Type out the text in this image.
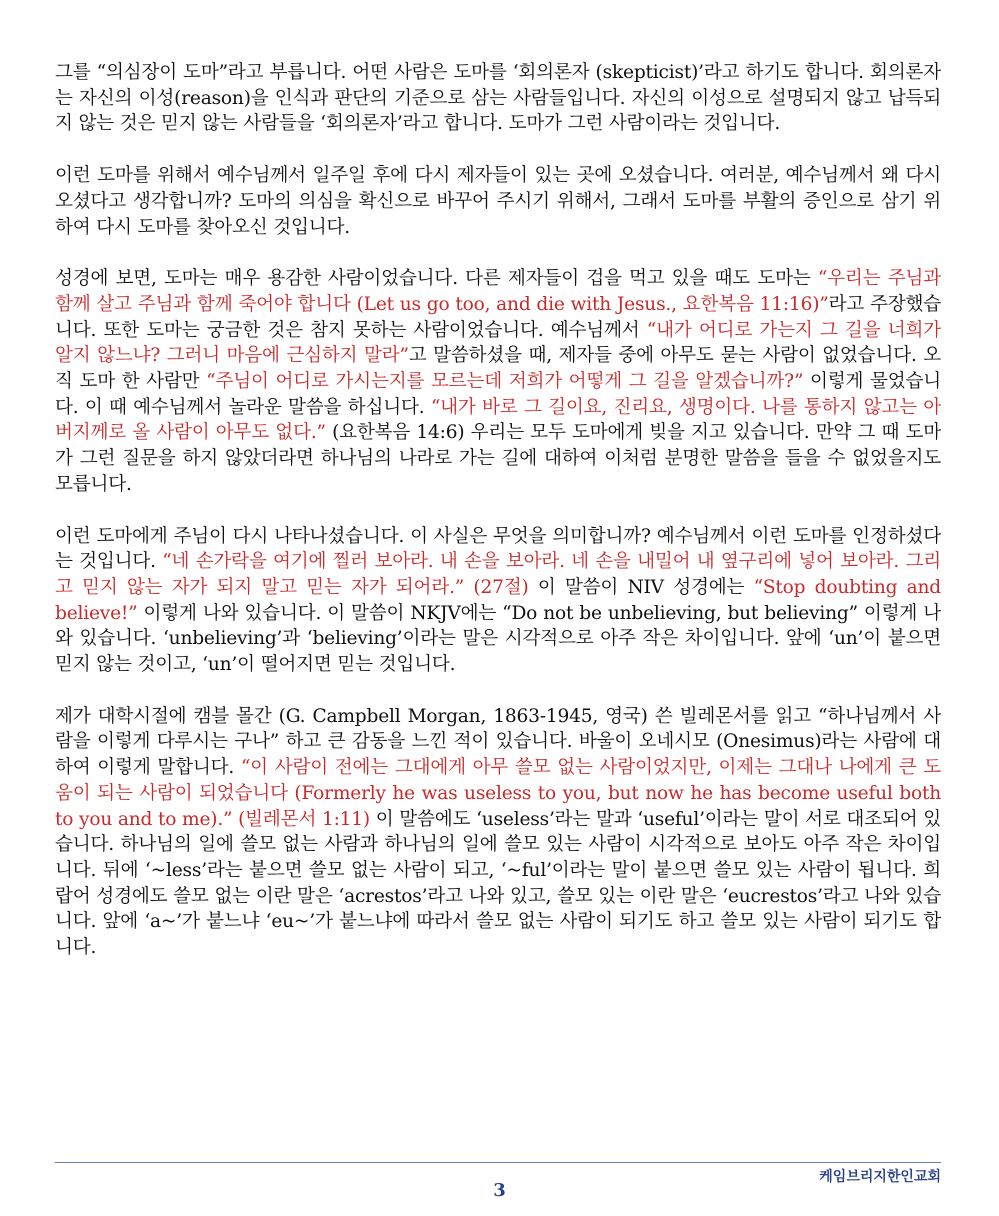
그를 “의심장이 도마”라고 부릅니다. 어떤 사람은 도마를 ‘회의론자 (skepticist)’라고 하기도 합니다. 회의론자는 자신의 이성(reason)을 인식과 판단의 기준으로 삼는 사람들입니다. 자신의 이성으로 설명되지 않고 납득되지 않는 것은 믿지 않는 사람들을 ‘회의론자’라고 합니다. 도마가 그런 사람이라는 것입니다.

이런 도마를 위해서 예수님께서 일주일 후에 다시 제자들이 있는 곳에 오셨습니다. 여러분, 예수님께서 왜 다시 오셨다고 생각합니까? 도마의 의심을 확신으로 바꾸어 주시기 위해서, 그래서 도마를 부활의 증인으로 삼기 위하여 다시 도마를 찾아오신 것입니다.

성경에 보면, 도마는 매우 용감한 사람이었습니다. 다른 제자들이 겁을 먹고 있을 때도 도마는 “우리는 주님과 함께 살고 주님과 함께 죽어야 합니다 (Let us go too, and die with Jesus., 요한복음 11:16)”라고 주장했습니다. 또한 도마는 궁금한 것은 참지 못하는 사람이었습니다. 예수님께서 “내가 어디로 가는지 그 길을 너희가 알지 않느냐? 그러니 마음에 근심하지 말라”고 말씀하셨을 때, 제자들 중에 아무도 묻는 사람이 없었습니다. 오직 도마 한 사람만 “주님이 어디로 가시는지를 모르는데 저희가 어떻게 그 길을 알겠습니까?” 이렇게 물었습니다. 이 때 예수님께서 놀라운 말씀을 하십니다. “내가 바로 그 길이요, 진리요, 생명이다. 나를 통하지 않고는 아버지께로 올 사람이 아무도 없다.” (요한복음 14:6) 우리는 모두 도마에게 빚을 지고 있습니다. 만약 그 때 도마가 그런 질문을 하지 않았더라면 하나님의 나라로 가는 길에 대하여 이처럼 분명한 말씀을 들을 수 없었을지도 모릅니다.

이런 도마에게 주님이 다시 나타나셨습니다. 이 사실은 무엇을 의미합니까? 예수님께서 이런 도마를 인정하셨다는 것입니다. “네 손가락을 여기에 찔러 보아라. 내 손을 보아라. 네 손을 내밀어 내 옆구리에 넣어 보아라. 그리고 믿지 않는 자가 되지 말고 믿는 자가 되어라.” (27절) 이 말씀이 NIV 성경에는 “Stop doubting and believe!” 이렇게 나와 있습니다. 이 말씀이 NKJV에는 “Do not be unbelieving, but believing” 이렇게 나와 있습니다. ‘unbelieving’과 ‘believing’이라는 말은 시각적으로 아주 작은 차이입니다. 앞에 ‘un’이 붙으면 믿지 않는 것이고, ‘un’이 떨어지면 믿는 것입니다.

제가 대학시절에 캠블 몰간 (G. Campbell Morgan, 1863-1945, 영국) 쓴 빌레몬서를 읽고 “하나님께서 사람을 이렇게 다루시는 구나” 하고 큰 감동을 느낀 적이 있습니다. 바울이 오네시모 (Onesimus)라는 사람에 대하여 이렇게 말합니다. “이 사람이 전에는 그대에게 아무 쓸모 없는 사람이었지만, 이제는 그대나 나에게 큰 도움이 되는 사람이 되었습니다 (Formerly he was useless to you, but now he has become useful both to you and to me).” (빌레몬서 1:11) 이 말씀에도 ‘useless’라는 말과 ‘useful’이라는 말이 서로 대조되어 있습니다. 하나님의 일에 쓸모 없는 사람과 하나님의 일에 쓸모 있는 사람이 시각적으로 보아도 아주 작은 차이입니다. 뒤에 ‘~less’라는 붙으면 쓸모 없는 사람이 되고, ‘~ful’이라는 말이 붙으면 쓸모 있는 사람이 됩니다. 희랍어 성경에도 쓸모 없는 이란 말은 ‘acrestos’라고 나와 있고, 쓸모 있는 이란 말은 ‘eucrestos’라고 나와 있습니다. 앞에 ‘a~’가 붙느냐 ‘eu~’가 붙느냐에 따라서 쓸모 없는 사람이 되기도 하고 쓸모 있는 사람이 되기도 합니다.

케임브리지한인교회
3
